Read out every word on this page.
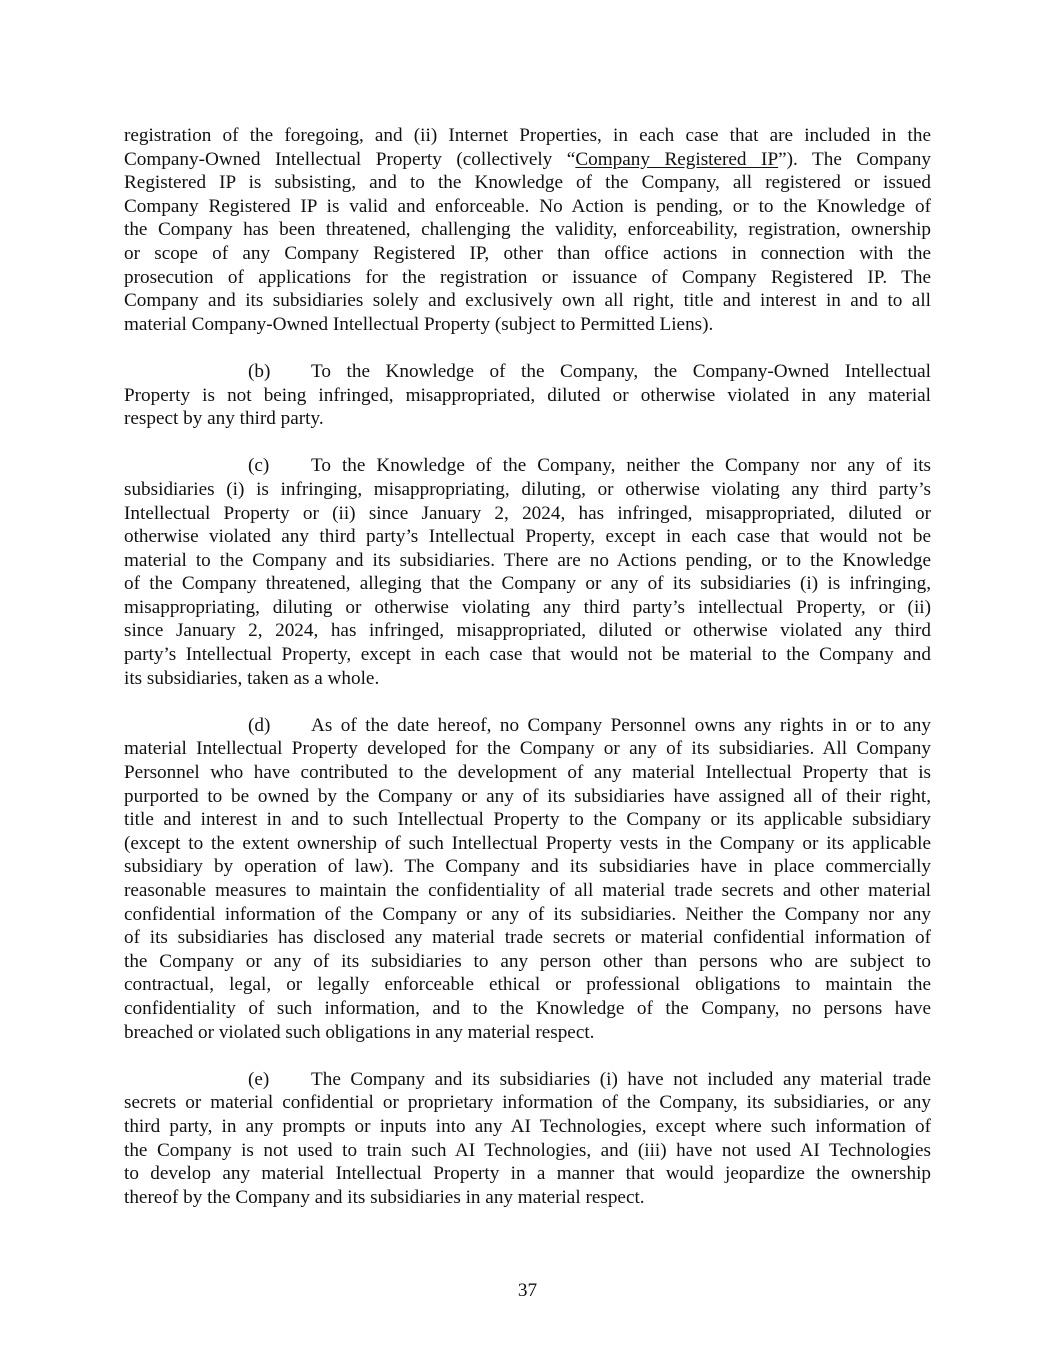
registration of the foregoing, and (ii) Internet Properties, in each case that are included in the
Company-Owned Intellectual Property (collectively “Company Registered IP”). The Company
Registered IP is subsisting, and to the Knowledge of the Company, all registered or issued
Company Registered IP is valid and enforceable. No Action is pending, or to the Knowledge of
the Company has been threatened, challenging the validity, enforceability, registration, ownership
or scope of any Company Registered IP, other than office actions in connection with the
prosecution of applications for the registration or issuance of Company Registered IP. The
Company and its subsidiaries solely and exclusively own all right, title and interest in and to all
material Company-Owned Intellectual Property (subject to Permitted Liens).
(b) To the Knowledge of the Company, the Company-Owned Intellectual
Property is not being infringed, misappropriated, diluted or otherwise violated in any material
respect by any third party.
(c) To the Knowledge of the Company, neither the Company nor any of its
subsidiaries (i) is infringing, misappropriating, diluting, or otherwise violating any third party’s
Intellectual Property or (ii) since January 2, 2024, has infringed, misappropriated, diluted or
otherwise violated any third party’s Intellectual Property, except in each case that would not be
material to the Company and its subsidiaries. There are no Actions pending, or to the Knowledge
of the Company threatened, alleging that the Company or any of its subsidiaries (i) is infringing,
misappropriating, diluting or otherwise violating any third party’s intellectual Property, or (ii)
since January 2, 2024, has infringed, misappropriated, diluted or otherwise violated any third
party’s Intellectual Property, except in each case that would not be material to the Company and
its subsidiaries, taken as a whole.
(d) As of the date hereof, no Company Personnel owns any rights in or to any
material Intellectual Property developed for the Company or any of its subsidiaries. All Company
Personnel who have contributed to the development of any material Intellectual Property that is
purported to be owned by the Company or any of its subsidiaries have assigned all of their right,
title and interest in and to such Intellectual Property to the Company or its applicable subsidiary
(except to the extent ownership of such Intellectual Property vests in the Company or its applicable
subsidiary by operation of law). The Company and its subsidiaries have in place commercially
reasonable measures to maintain the confidentiality of all material trade secrets and other material
confidential information of the Company or any of its subsidiaries. Neither the Company nor any
of its subsidiaries has disclosed any material trade secrets or material confidential information of
the Company or any of its subsidiaries to any person other than persons who are subject to
contractual, legal, or legally enforceable ethical or professional obligations to maintain the
confidentiality of such information, and to the Knowledge of the Company, no persons have
breached or violated such obligations in any material respect.
(e) The Company and its subsidiaries (i) have not included any material trade
secrets or material confidential or proprietary information of the Company, its subsidiaries, or any
third party, in any prompts or inputs into any AI Technologies, except where such information of
the Company is not used to train such AI Technologies, and (iii) have not used AI Technologies
to develop any material Intellectual Property in a manner that would jeopardize the ownership
thereof by the Company and its subsidiaries in any material respect.
37
